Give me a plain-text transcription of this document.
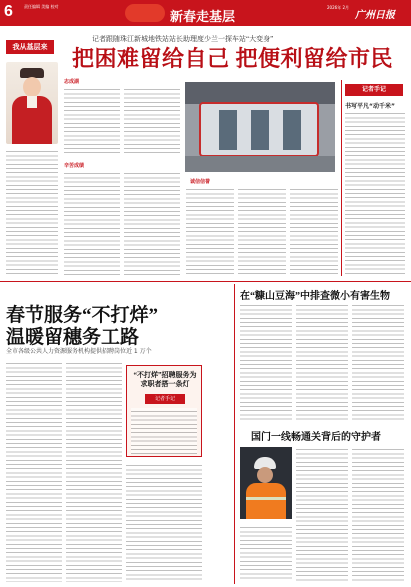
6	责任编辑 美编 校对
新春走基层
2026年 2月
广州日报
记者跟随珠江新城地铁站站长助理度少兰一探车站“大变身”
我从基层来 把困难留给自己 把便利留给市民
志成湖
辛苦成绩
诚信信誉
记者手记
书写平凡“动千米”
春节服务“不打烊”
温暖留穗务工路
全市各级公共人力资源服务机构提供招聘岗位近 1 万个
“不打烊”招聘服务为求职者搭一条灯
记者手记
在“糠山豆海”中排查微小有害生物
国门一线畅通关背后的守护者
